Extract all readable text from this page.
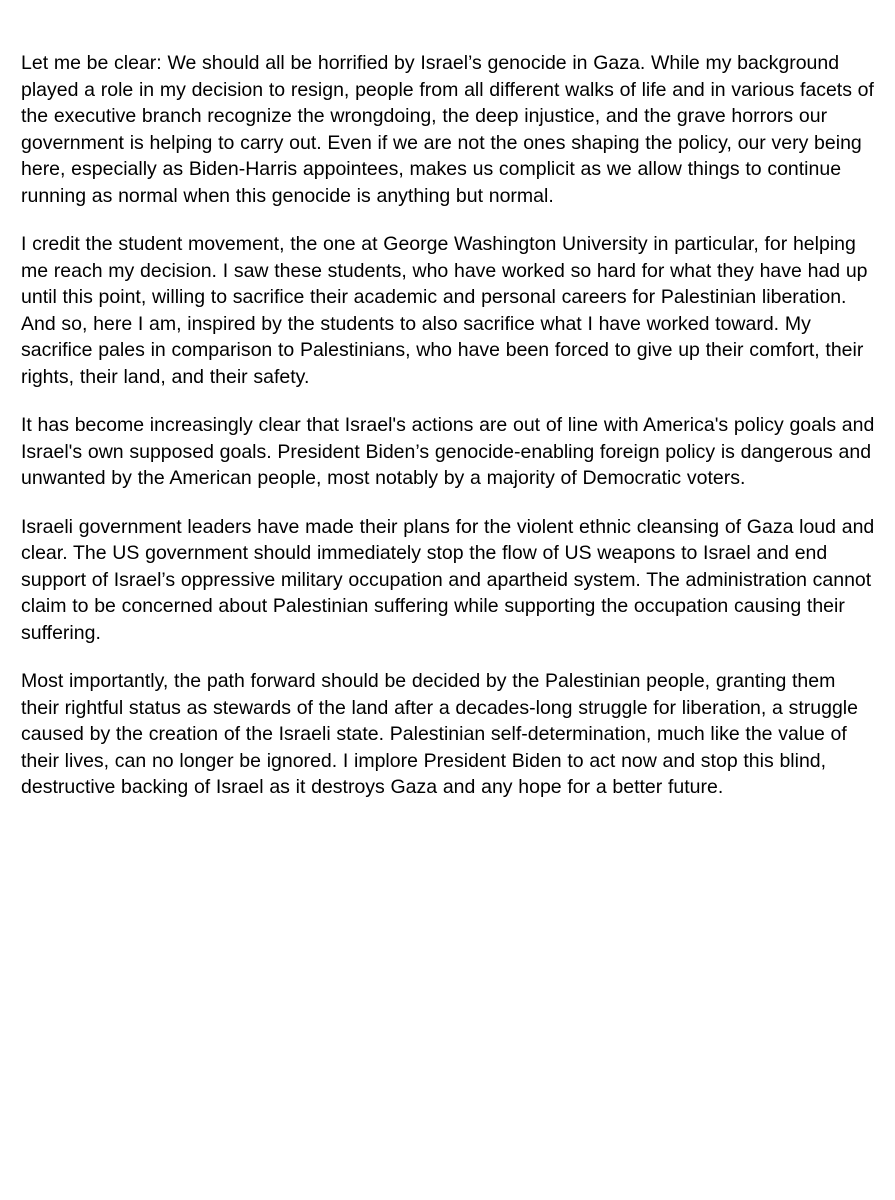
Let me be clear: We should all be horrified by Israel’s genocide in Gaza. While my background played a role in my decision to resign, people from all different walks of life and in various facets of the executive branch recognize the wrongdoing, the deep injustice, and the grave horrors our government is helping to carry out. Even if we are not the ones shaping the policy, our very being here, especially as Biden-Harris appointees, makes us complicit as we allow things to continue running as normal when this genocide is anything but normal.

I credit the student movement, the one at George Washington University in particular, for helping me reach my decision. I saw these students, who have worked so hard for what they have had up until this point, willing to sacrifice their academic and personal careers for Palestinian liberation. And so, here I am, inspired by the students to also sacrifice what I have worked toward. My sacrifice pales in comparison to Palestinians, who have been forced to give up their comfort, their rights, their land, and their safety.

It has become increasingly clear that Israel's actions are out of line with America's policy goals and Israel's own supposed goals. President Biden’s genocide-enabling foreign policy is dangerous and unwanted by the American people, most notably by a majority of Democratic voters.

Israeli government leaders have made their plans for the violent ethnic cleansing of Gaza loud and clear. The US government should immediately stop the flow of US weapons to Israel and end support of Israel’s oppressive military occupation and apartheid system. The administration cannot claim to be concerned about Palestinian suffering while supporting the occupation causing their suffering.

Most importantly, the path forward should be decided by the Palestinian people, granting them their rightful status as stewards of the land after a decades-long struggle for liberation, a struggle caused by the creation of the Israeli state. Palestinian self-determination, much like the value of their lives, can no longer be ignored. I implore President Biden to act now and stop this blind, destructive backing of Israel as it destroys Gaza and any hope for a better future.
